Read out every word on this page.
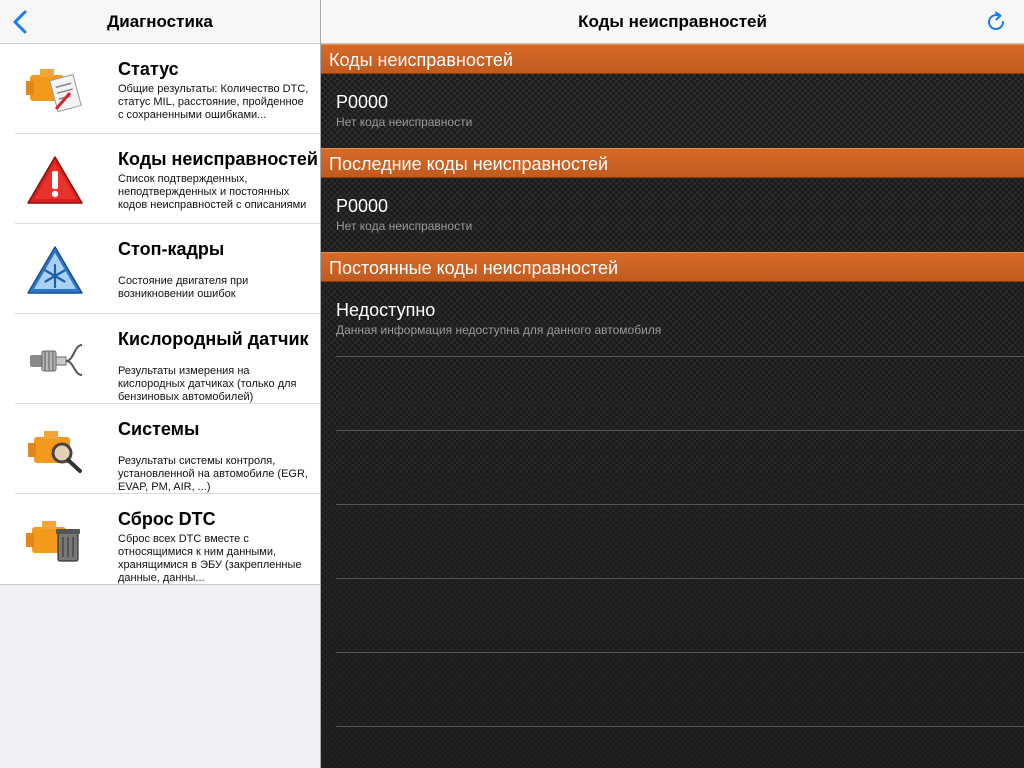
Диагностика
Статус
Общие результаты: Количество DTC, статус MIL, расстояние, пройденное с сохраненными ошибками...
Коды неисправностей
Список подтвержденных, неподтвержденных и постоянных кодов неисправностей с описаниями
Стоп-кадры
Состояние двигателя при возникновении ошибок
Кислородный датчик
Результаты измерения на кислородных датчиках (только для бензиновых автомобилей)
Системы
Результаты системы контроля, установленной на автомобиле (EGR, EVAP, PM, AIR, ...)
Сброс DTC
Сброс всех DTC вместе с относящимися к ним данными, хранящимися в ЭБУ (закрепленные данные, данны...
Коды неисправностей
Коды неисправностей
P0000
Нет кода неисправности
Последние коды неисправностей
P0000
Нет кода неисправности
Постоянные коды неисправностей
Недоступно
Данная информация недоступна для данного автомобиля
